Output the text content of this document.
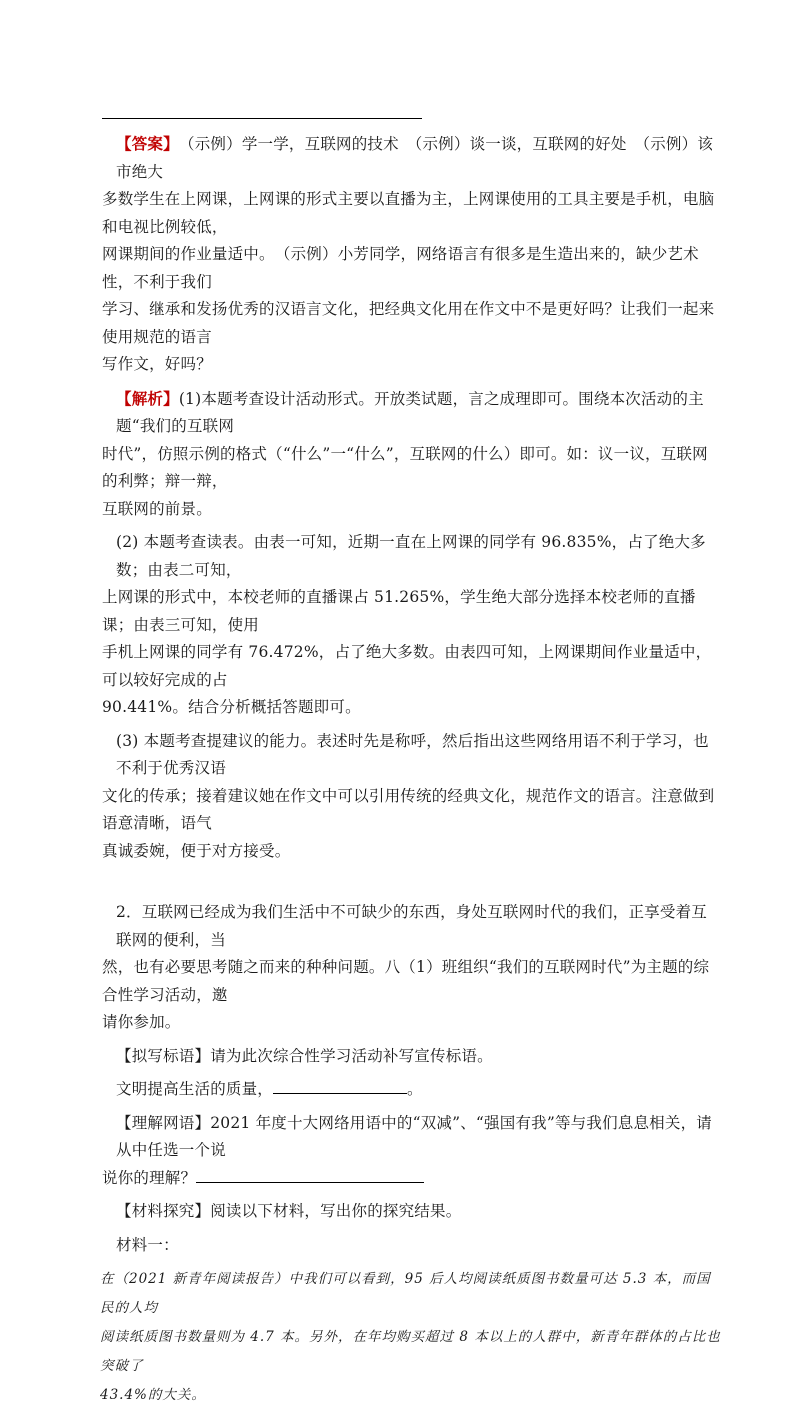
【答案】　（示例）学一学，互联网的技术　（示例）谈一谈，互联网的好处　（示例）该市绝大

多数学生在上网课，上网课的形式主要以直播为主，上网课使用的工具主要是手机，电脑和电视比例较低，

网课期间的作业量适中。　（示例）小芳同学，网络语言有很多是生造出来的，缺少艺术性，不利于我们

学习、继承和发扬优秀的汉语言文化，把经典文化用在作文中不是更好吗？让我们一起来使用规范的语言

写作文，好吗？

【解析】(1)本题考查设计活动形式。开放类试题，言之成理即可。围绕本次活动的主题“我们的互联网

时代”，仿照示例的格式（“什么”一“什么”，互联网的什么）即可。如：议一议，互联网的利弊；辩一辩，

互联网的前景。

(2) 本题考查读表。由表一可知，近期一直在上网课的同学有 96.835%，占了绝大多数；由表二可知，

上网课的形式中，本校老师的直播课占 51.265%，学生绝大部分选择本校老师的直播课；由表三可知，使用

手机上网课的同学有 76.472%，占了绝大多数。由表四可知，上网课期间作业量适中，可以较好完成的占

90.441%。结合分析概括答题即可。

(3) 本题考查提建议的能力。表述时先是称呼，然后指出这些网络用语不利于学习，也不利于优秀汉语

文化的传承；接着建议她在作文中可以引用传统的经典文化，规范作文的语言。注意做到语意清晰，语气

真诚委婉，便于对方接受。

2．互联网已经成为我们生活中不可缺少的东西，身处互联网时代的我们，正享受着互联网的便利，当

然，也有必要思考随之而来的种种问题。八（1）班组织“我们的互联网时代”为主题的综合性学习活动，邀

请你参加。

【拟写标语】请为此次综合性学习活动补写宣传标语。

文明提高生活的质量，	。

【理解网语】2021 年度十大网络用语中的“双减”、“强国有我”等与我们息息相关，请从中任选一个说

说你的理解？

【材料探究】阅读以下材料，写出你的探究结果。

材料一：

在（2021 新青年阅读报告）中我们可以看到，95 后人均阅读纸质图书数量可达 5.3 本，而国民的人均

阅读纸质图书数量则为 4.7 本。另外，在年均购买超过 8 本以上的人群中，新青年群体的占比也突破了

43.4%的大关。
